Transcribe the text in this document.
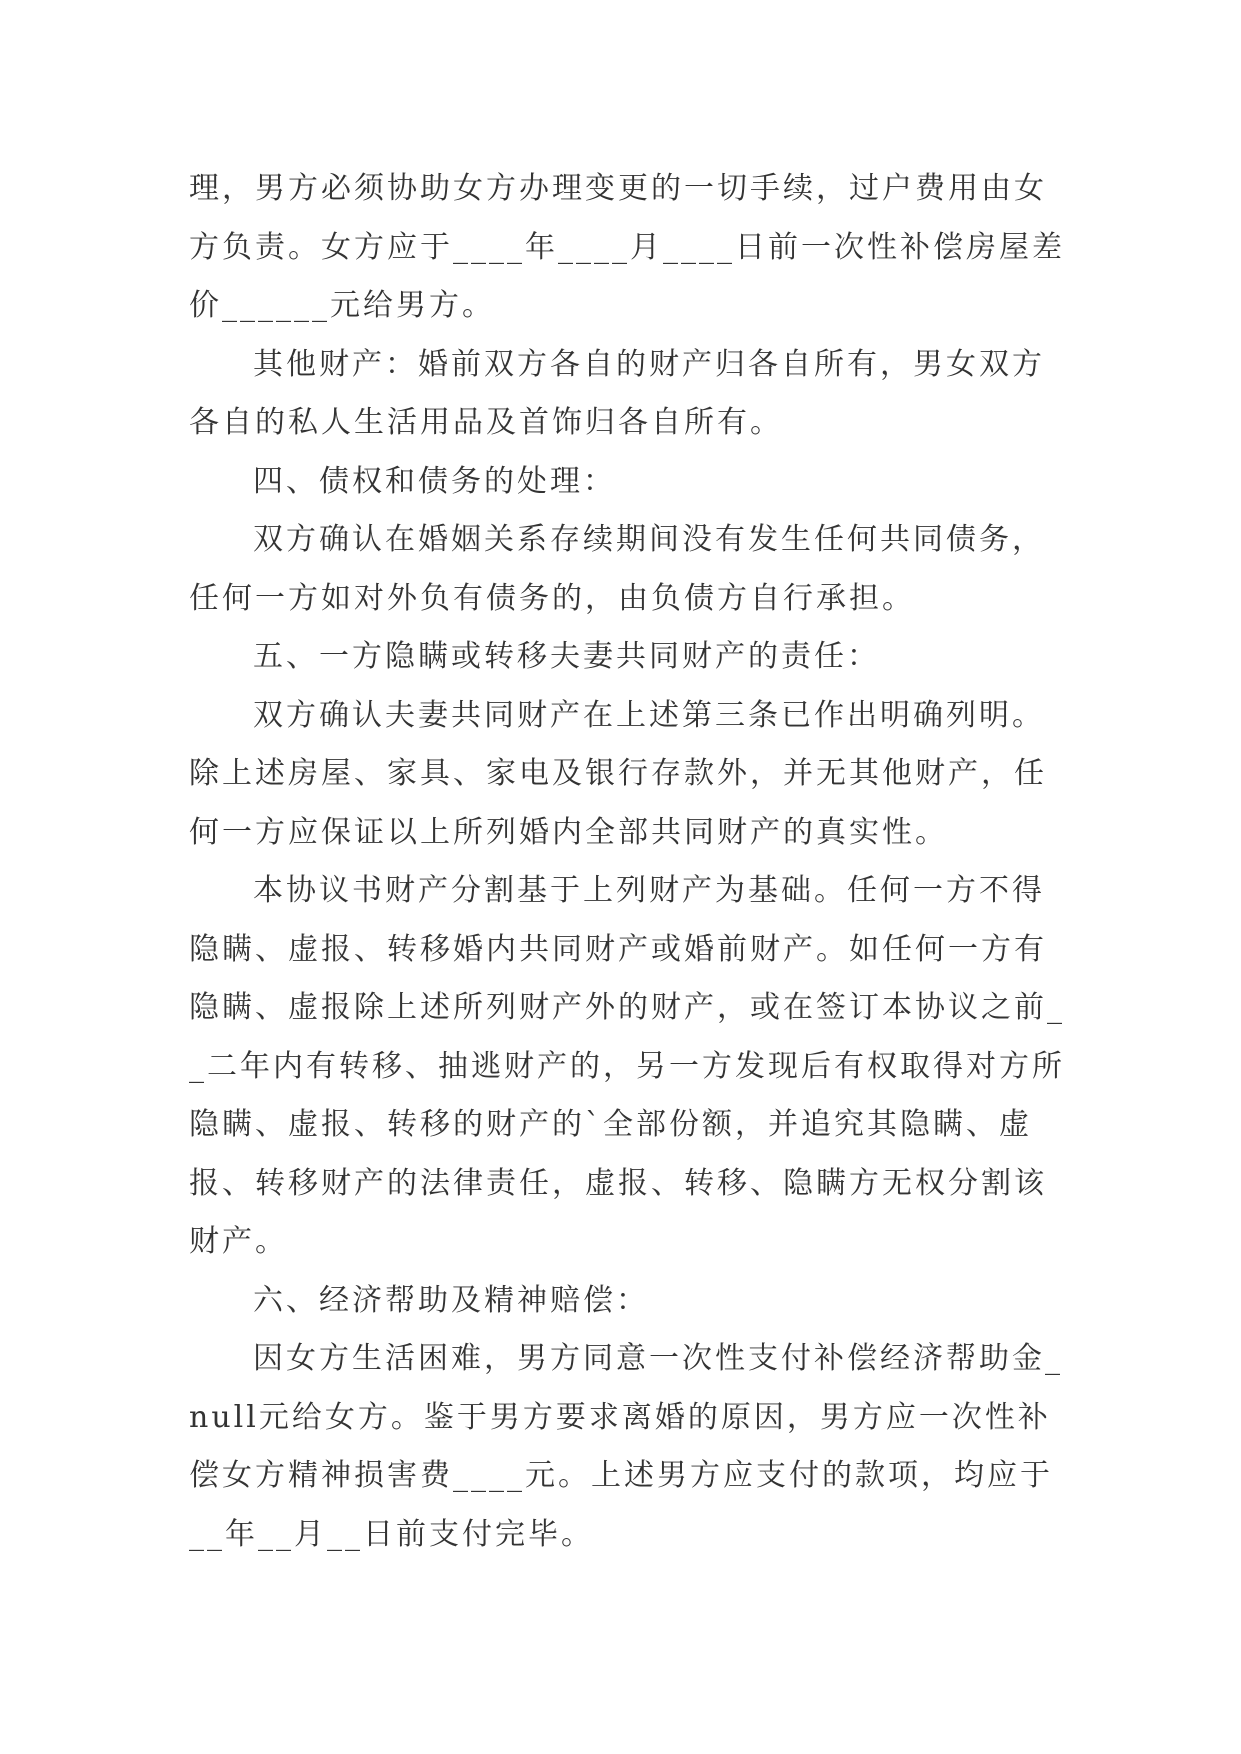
理，男方必须协助女方办理变更的一切手续，过户费用由女方负责。女方应于____年____月____日前一次性补偿房屋差价______元给男方。

其他财产：婚前双方各自的财产归各自所有，男女双方各自的私人生活用品及首饰归各自所有。

四、债权和债务的处理：

双方确认在婚姻关系存续期间没有发生任何共同债务，任何一方如对外负有债务的，由负债方自行承担。

五、一方隐瞒或转移夫妻共同财产的责任：

双方确认夫妻共同财产在上述第三条已作出明确列明。除上述房屋、家具、家电及银行存款外，并无其他财产，任何一方应保证以上所列婚内全部共同财产的真实性。

本协议书财产分割基于上列财产为基础。任何一方不得隐瞒、虚报、转移婚内共同财产或婚前财产。如任何一方有隐瞒、虚报除上述所列财产外的财产，或在签订本协议之前__二年内有转移、抽逃财产的，另一方发现后有权取得对方所隐瞒、虚报、转移的财产的`全部份额，并追究其隐瞒、虚报、转移财产的法律责任，虚报、转移、隐瞒方无权分割该财产。

六、经济帮助及精神赔偿：

因女方生活困难，男方同意一次性支付补偿经济帮助金_null元给女方。鉴于男方要求离婚的原因，男方应一次性补偿女方精神损害费____元。上述男方应支付的款项，均应于__年__月__日前支付完毕。
